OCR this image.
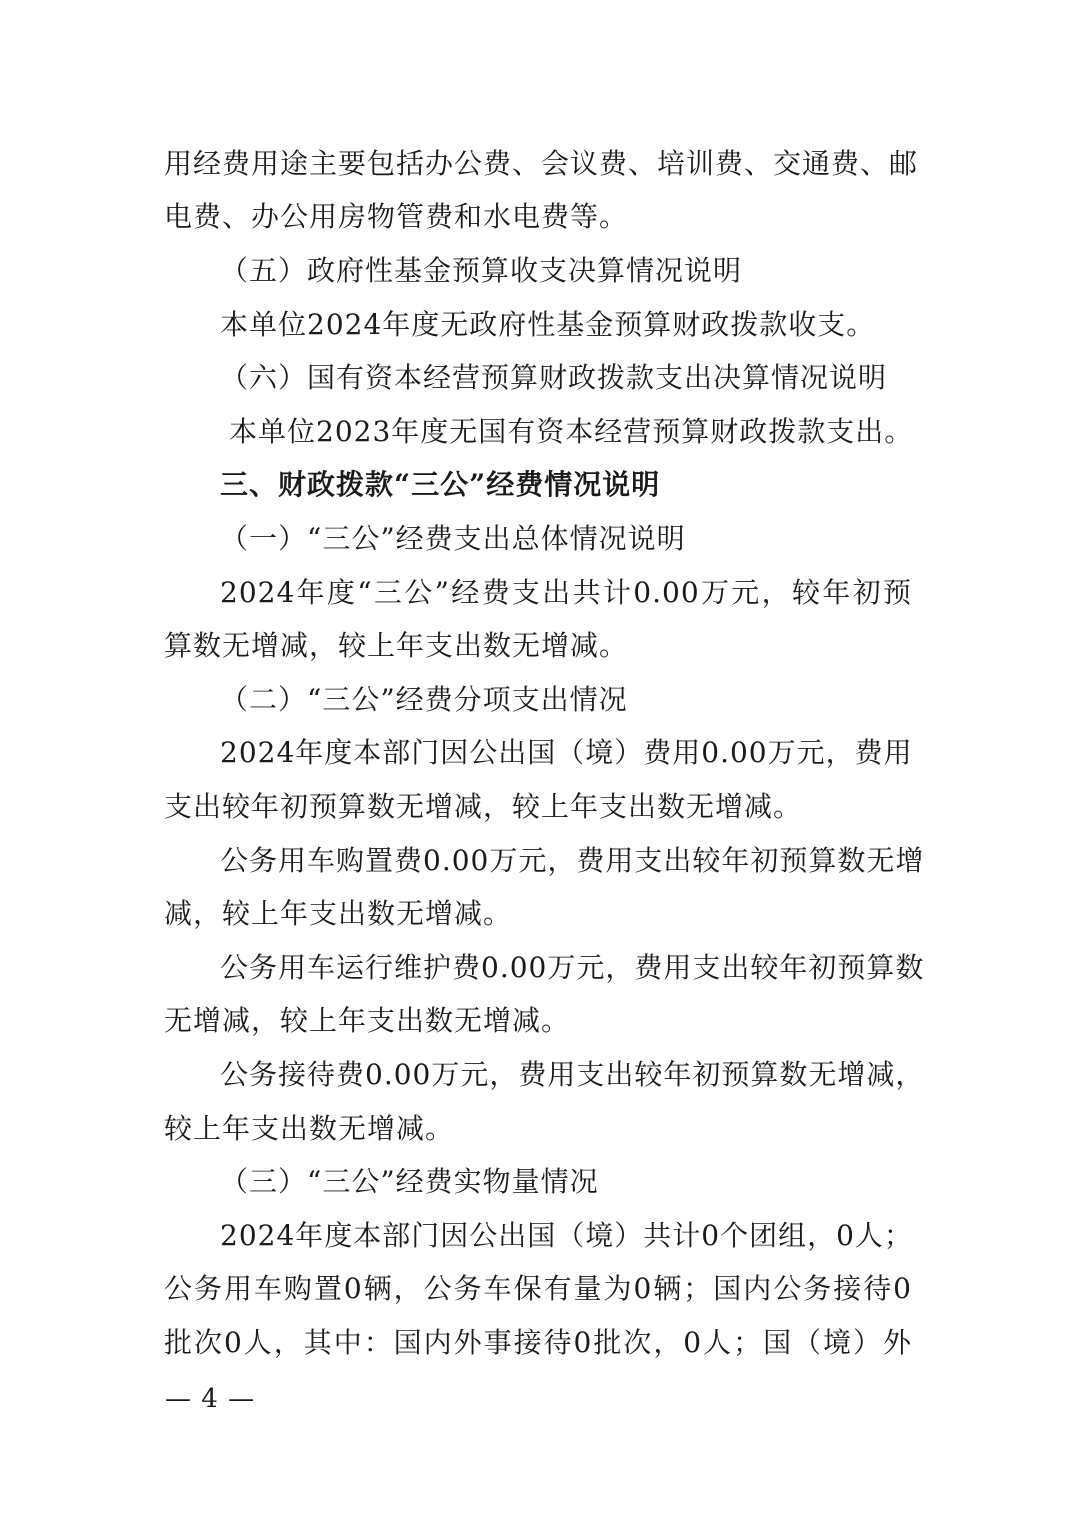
用经费用途主要包括办公费、会议费、培训费、交通费、邮
电费、办公用房物管费和水电费等。
（五）政府性基金预算收支决算情况说明
本单位2024年度无政府性基金预算财政拨款收支。
（六）国有资本经营预算财政拨款支出决算情况说明
本单位2023年度无国有资本经营预算财政拨款支出。
三、财政拨款“三公”经费情况说明
（一）“三公”经费支出总体情况说明
2024年度“三公”经费支出共计0.00万元，较年初预
算数无增减，较上年支出数无增减。
（二）“三公”经费分项支出情况
2024年度本部门因公出国（境）费用0.00万元，费用
支出较年初预算数无增减，较上年支出数无增减。
公务用车购置费0.00万元，费用支出较年初预算数无增
减，较上年支出数无增减。
公务用车运行维护费0.00万元，费用支出较年初预算数
无增减，较上年支出数无增减。
公务接待费0.00万元，费用支出较年初预算数无增减，
较上年支出数无增减。
（三）“三公”经费实物量情况
2024年度本部门因公出国（境）共计0个团组，0人；
公务用车购置0辆，公务车保有量为0辆；国内公务接待0
批次0人，其中：国内外事接待0批次，0人；国（境）外
— 4 —
